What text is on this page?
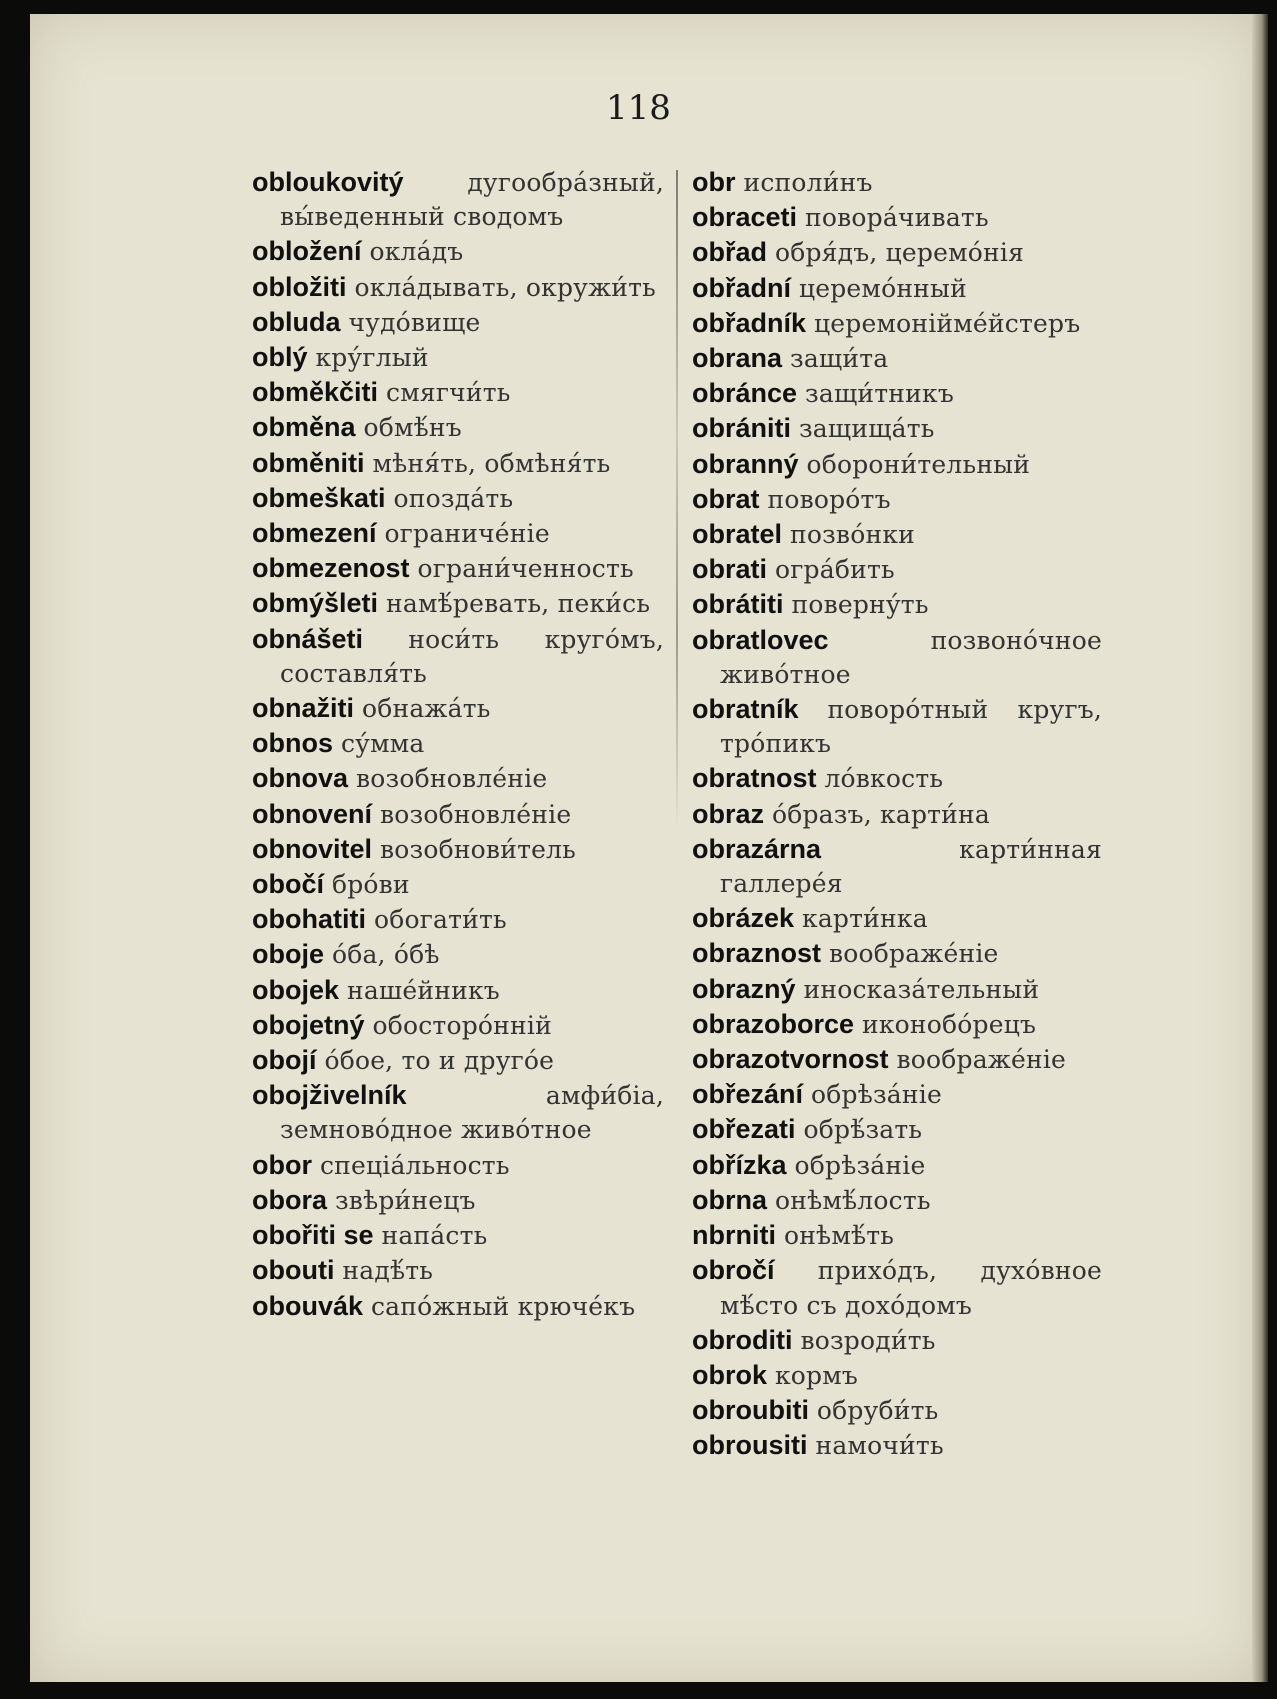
118
obloukovitý	дугообрáзный, вы́веденный сводомъ
obložení оклáдъ
obložiti оклáдывать, окружи́ть
obluda чудóвище
oblý кру́глый
obměkčiti смягчи́ть
obměna обмѣ́нъ
obměniti мѣня́ть, обмѣня́ть
obmeškati опоздáть
obmezení ограничéніе
obmezenost ограни́ченность
obmýšleti намѣ́ревать, пеки́сь
obnášeti носи́ть кругóмъ, составля́ть
obnažiti обнажáть
obnos су́мма
obnova возобновлéніе
obnovení возобновлéніе
obnovitel возобнови́тель
obočí брóви
obohatiti обогати́ть
oboje óба, óбѣ
obojek нашéйникъ
obojetný обосторóнній
obojí óбое, то и другóе
obojživelník	амфи́біа, земновóдное живóтное
obor спеціáльность
obora звѣри́нецъ
obořiti se напáсть
obouti надѣ́ть
obouvák сапóжный крючéкъ
obr исполи́нъ
obraceti поворáчивать
obřad обря́дъ, церемóнія
obřadní церемóнный
obřadník церемоніймéйстеръ
obrana защи́та
obránce защи́тникъ
obrániti защищáть
obranný оборони́тельный
obrat поворóтъ
obratel позвóнки
obrati огрáбить
obrátiti поверну́ть
obratlovec	позвонóчное живóтное
obratník поворóтный кругъ, трóпикъ
obratnost лóвкость
obraz óбразъ, карти́на
obrazárna	карти́нная галлерéя
obrázek карти́нка
obraznost воображéніе
obrazný иносказáтельный
obrazoborce иконобóрецъ
obrazotvornost воображéніе
obřezání обрѣзáніе
obřezati обрѣ́зать
obřízka обрѣзáніе
obrna онѣмѣ́лость
nbrniti онѣмѣ́ть
obročí прихóдъ, духóвное мѣ́сто съ дохóдомъ
obroditi возроди́ть
obrok кормъ
obroubiti обруби́ть
obrousiti намочи́ть
